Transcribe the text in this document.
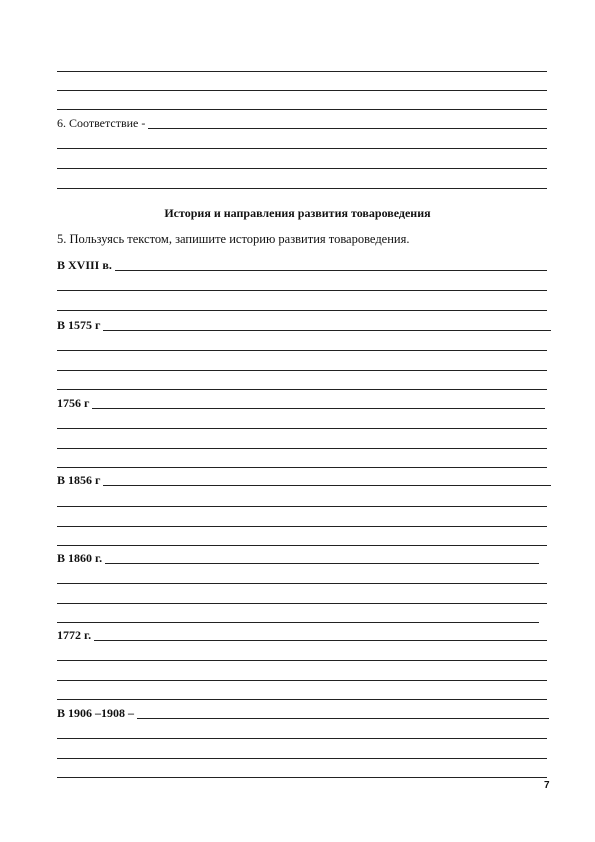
6. Соответствие -
История и направления развития товароведения
5. Пользуясь текстом, запишите историю развития товароведения.
В XVIII в.
В 1575 г
1756 г
В 1856 г
В 1860 г.
1772 г.
В 1906 –1908 –
7
